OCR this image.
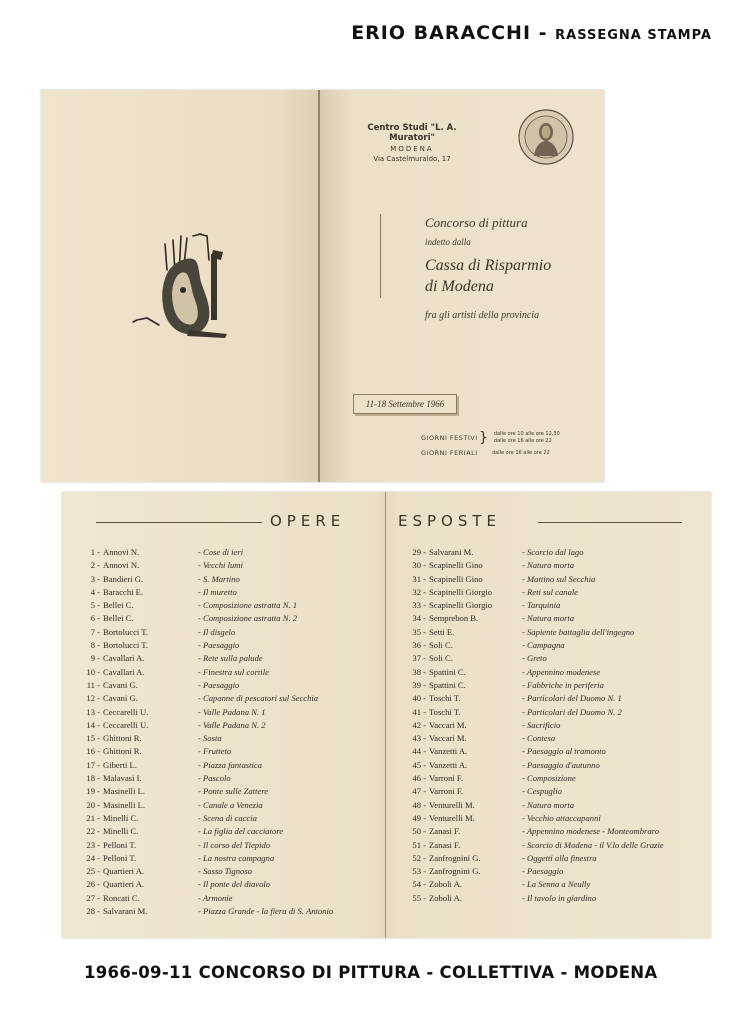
ERIO BARACCHI - RASSEGNA STAMPA
Centro Studi "L. A. Muratori"
MODENA
Via Castelmuraldo, 17
Concorso di pittura
indetto dalla
Cassa di Risparmio
di Modena
fra gli artisti della provincia
11-18 Settembre 1966
GIORNI FESTIVI } dalle ore 10 alle ore 12,30
dalle ore 16 alle ore 22
GIORNI FERIALI	dalle ore 16 alle ore 22
OPERE	ESPOSTE
1 - Annovi N.	- Cose di ieri
2 - Annovi N.	- Vecchi lumi
3 - Bandieri G.	- S. Martino
4 - Baracchi E.	- Il muretto
5 - Bellei C.	- Composizione astratta N. 1
6 - Bellei C.	- Composizione astratta N. 2
7 - Bortolucci T.	- Il disgelo
8 - Bortolucci T.	- Paesaggio
9 - Cavallari A.	- Rete sulla palude
10 - Cavallari A.	- Finestra sul cortile
11 - Cavani G.	- Paesaggio
12 - Cavani G.	- Capanne di pescatori sul Secchia
13 - Ceccarelli U.	- Valle Padana N. 1
14 - Ceccarelli U.	- Valle Padana N. 2
15 - Ghittoni R.	- Sosta
16 - Ghittoni R.	- Frutteto
17 - Giberti L.	- Piazza fantastica
18 - Malavasi I.	- Pascolo
19 - Masinelli L.	- Ponte sulle Zattere
20 - Masinelli L.	- Canale a Venezia
21 - Minelli C.	- Scena di caccia
22 - Minelli C.	- La figlia del cacciatore
23 - Pelloni T.	- Il corso del Tiepido
24 - Pelloni T.	- La nostra campagna
25 - Quartieri A.	- Sasso Tignoso
26 - Quartieri A.	- Il ponte del diavolo
27 - Roncati C.	- Armonie
28 - Salvarani M.	- Piazza Grande - la fiera di S. Antonio
29 - Salvarani M.	- Scorcio dal lago
30 - Scapinelli Gino	- Natura morta
31 - Scapinelli Gino	- Mattino sul Secchia
32 - Scapinelli Giorgio	- Reti sul canale
33 - Scapinelli Giorgio	- Tarquinia
34 - Semprebon B.	- Natura morta
35 - Setti E.	- Sapiente battaglia dell'ingegno
36 - Soli C.	- Campagna
37 - Soli C.	- Greto
38 - Spattini C.	- Appennino modenese
39 - Spattini C.	- Fabbriche in periferia
40 - Toschi T.	- Particolari del Duomo N. 1
41 - Toschi T.	- Particolari del Duomo N. 2
42 - Vaccari M.	- Sacrificio
43 - Vaccari M.	- Contesa
44 - Vanzetti A.	- Paesaggio al tramonto
45 - Vanzetti A.	- Paesaggio d'autunno
46 - Varroni F.	- Composizione
47 - Varroni F.	- Cespuglio
48 - Venturelli M.	- Natura morta
49 - Venturelli M.	- Vecchio attaccapanni
50 - Zanasi F.	- Appennino modenese - Monteombraro
51 - Zanasi F.	- Scorcio di Modena - il V.lo delle Grazie
52 - Zanfrognini G.	- Oggetti alla finestra
53 - Zanfrognini G.	- Paesaggio
54 - Zoboli A.	- La Senna a Neully
55 - Zoboli A.	- Il tavolo in giardino
1966-09-11 CONCORSO DI PITTURA - COLLETTIVA - MODENA
